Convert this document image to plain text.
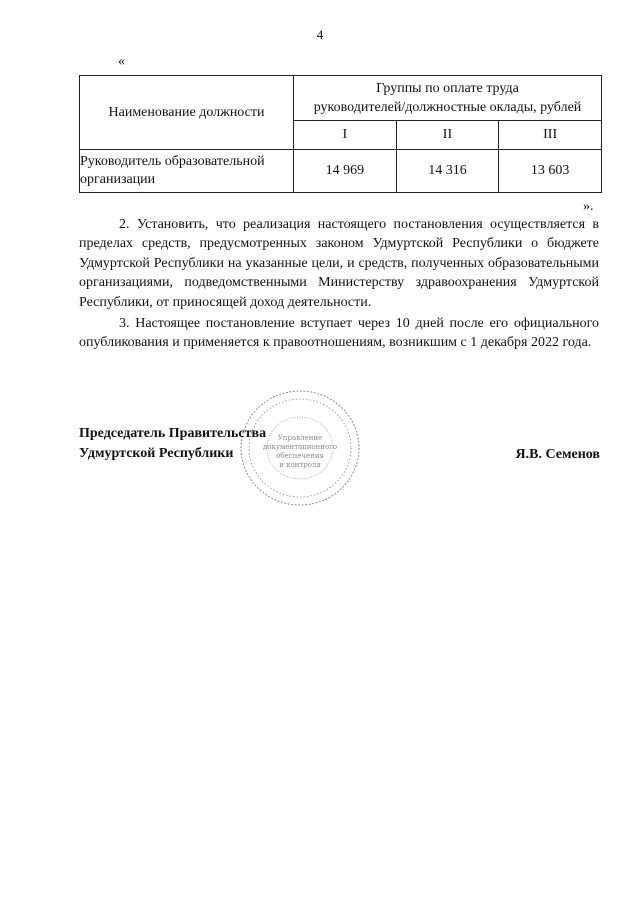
4
«
Наименование должности	Группы по оплате труда
руководителей/должностные оклады, рублей		
	I	II	III
Руководитель образовательной
организации	14 969	14 316	13 603
».

2. Установить, что реализация настоящего постановления осуществляется в пределах средств, предусмотренных законом Удмуртской Республики о бюджете Удмуртской Республики на указанные цели, и средств, полученных образовательными организациями, подведомственными Министерству здравоохранения Удмуртской Республики, от приносящей доход деятельности.

3. Настоящее постановление вступает через 10 дней после его официального опубликования и применяется к правоотношениям, возникшим с 1 декабря 2022 года.

Управление
документационного
обеспечения
и контроля
Председатель Правительства
Удмуртской Республики	Я.В. Семенов
